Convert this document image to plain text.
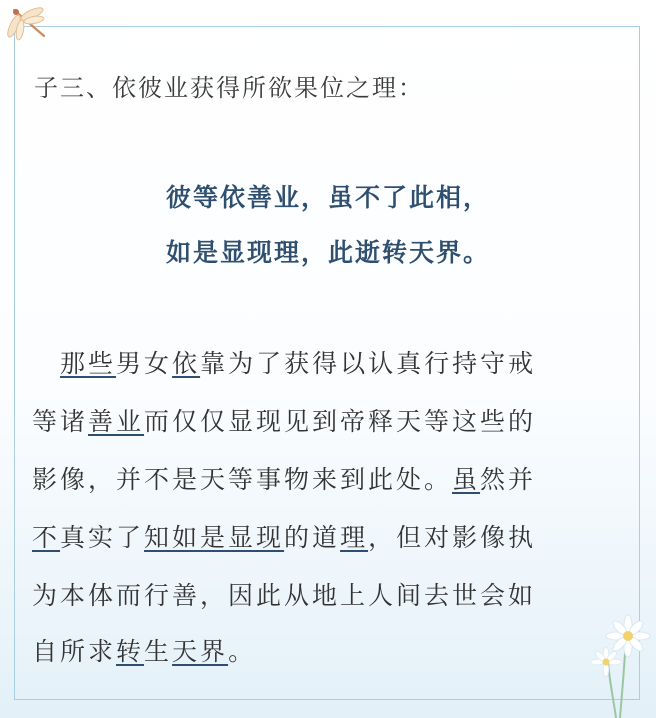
子三、依彼业获得所欲果位之理：
彼等依善业，虽不了此相，
如是显现理，此逝转天界。
　那些男女依靠为了获得以认真行持守戒
等诸善业而仅仅显现见到帝释天等这些的
影像，并不是天等事物来到此处。虽然并
不真实了知如是显现的道理，但对影像执
为本体而行善，因此从地上人间去世会如
自所求转生天界。
